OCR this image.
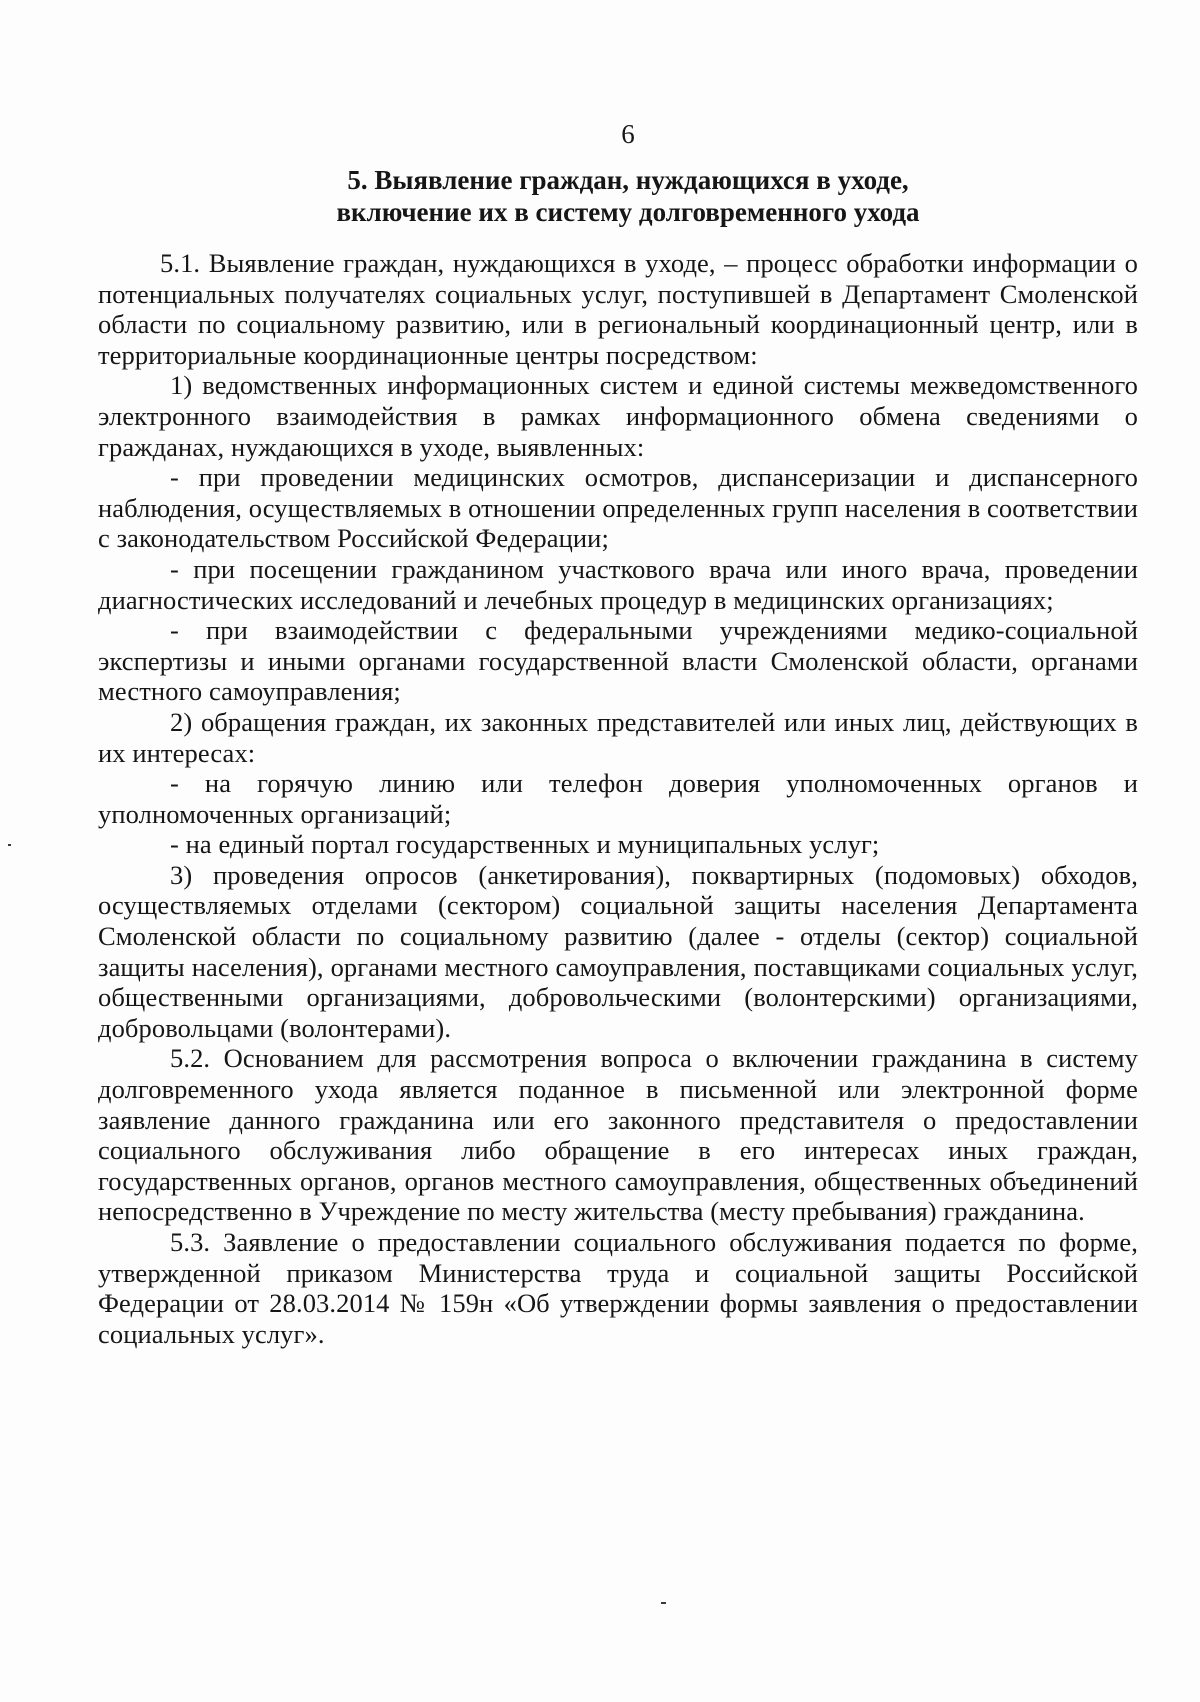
6
5. Выявление граждан, нуждающихся в уходе,
включение их в систему долговременного ухода

5.1. Выявление граждан, нуждающихся в уходе, – процесс обработки информации о потенциальных получателях социальных услуг, поступившей в Департамент Смоленской области по социальному развитию, или в региональный координационный центр, или в территориальные координационные центры посредством:

1) ведомственных информационных систем и единой системы межведомственного электронного взаимодействия в рамках информационного обмена сведениями о гражданах, нуждающихся в уходе, выявленных:

- при проведении медицинских осмотров, диспансеризации и диспансерного наблюдения, осуществляемых в отношении определенных групп населения в соответствии с законодательством Российской Федерации;

- при посещении гражданином участкового врача или иного врача, проведении диагностических исследований и лечебных процедур в медицинских организациях;

- при взаимодействии с федеральными учреждениями медико-социальной экспертизы и иными органами государственной власти Смоленской области, органами местного самоуправления;

2) обращения граждан, их законных представителей или иных лиц, действующих в их интересах:

- на горячую линию или телефон доверия уполномоченных органов и уполномоченных организаций;

- на единый портал государственных и муниципальных услуг;

3) проведения опросов (анкетирования), поквартирных (подомовых) обходов, осуществляемых отделами (сектором) социальной защиты населения Департамента Смоленской области по социальному развитию (далее - отделы (сектор) социальной защиты населения), органами местного самоуправления, поставщиками социальных услуг, общественными организациями, добровольческими (волонтерскими) организациями, добровольцами (волонтерами).

5.2. Основанием для рассмотрения вопроса о включении гражданина в систему долговременного ухода является поданное в письменной или электронной форме заявление данного гражданина или его законного представителя о предоставлении социального обслуживания либо обращение в его интересах иных граждан, государственных органов, органов местного самоуправления, общественных объединений непосредственно в Учреждение по месту жительства (месту пребывания) гражданина.

5.3. Заявление о предоставлении социального обслуживания подается по форме, утвержденной приказом Министерства труда и социальной защиты Российской Федерации от 28.03.2014 № 159н «Об утверждении формы заявления о предоставлении социальных услуг».
